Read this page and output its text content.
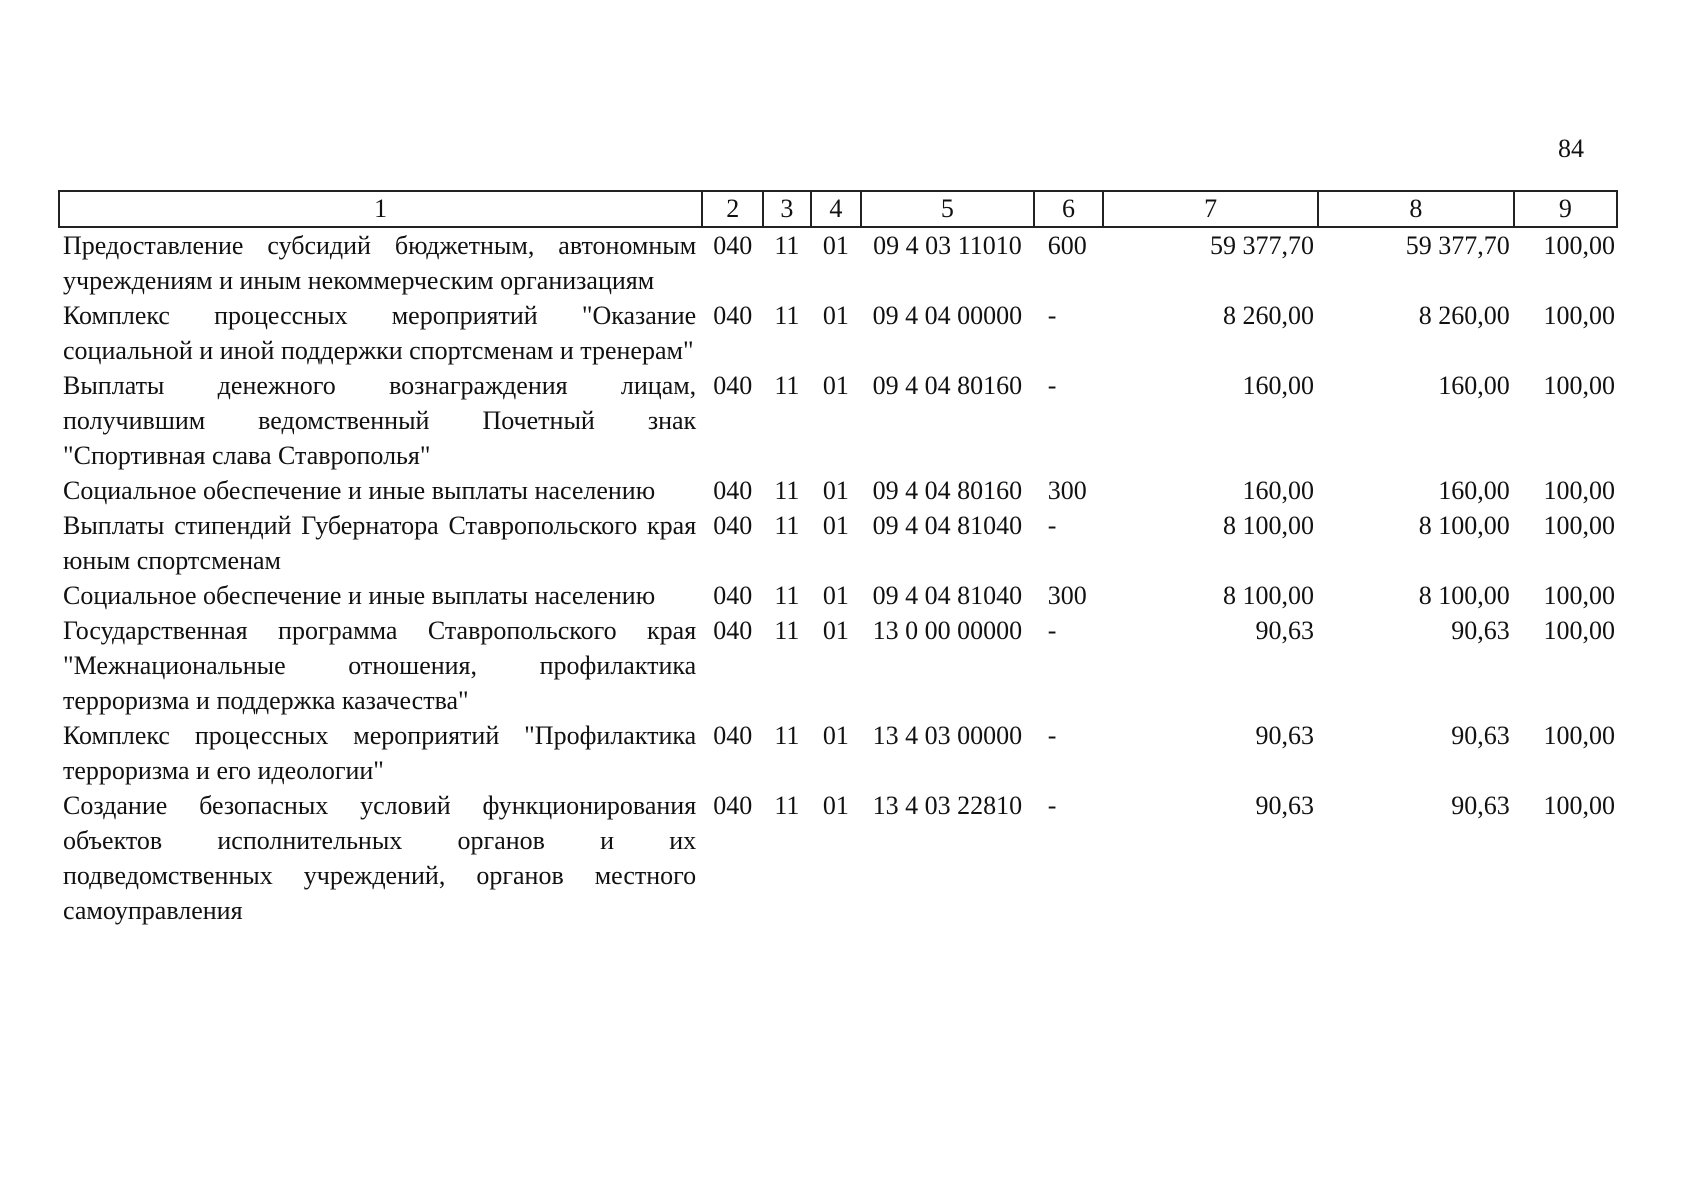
84
1	2	3	4	5	6	7	8	9
Предоставление субсидий бюджетным, автономным учреждениям и иным некоммерческим организациям	040	11	01	09 4 03 11010	600	59 377,70	59 377,70	100,00
Комплекс процессных мероприятий "Оказание социальной и иной поддержки спортсменам и тренерам"	040	11	01	09 4 04 00000	-	8 260,00	8 260,00	100,00
Выплаты денежного вознаграждения лицам, получившим ведомственный Почетный знак "Спортивная слава Ставрополья"	040	11	01	09 4 04 80160	-	160,00	160,00	100,00
Социальное обеспечение и иные выплаты населению	040	11	01	09 4 04 80160	300	160,00	160,00	100,00
Выплаты стипендий Губернатора Ставропольского края юным спортсменам	040	11	01	09 4 04 81040	-	8 100,00	8 100,00	100,00
Социальное обеспечение и иные выплаты населению	040	11	01	09 4 04 81040	300	8 100,00	8 100,00	100,00
Государственная программа Ставропольского края "Межнациональные отношения, профилактика терроризма и поддержка казачества"	040	11	01	13 0 00 00000	-	90,63	90,63	100,00
Комплекс процессных мероприятий "Профилактика терроризма и его идеологии"	040	11	01	13 4 03 00000	-	90,63	90,63	100,00
Создание безопасных условий функционирования объектов исполнительных органов и их подведомственных учреждений, органов местного самоуправления	040	11	01	13 4 03 22810	-	90,63	90,63	100,00
